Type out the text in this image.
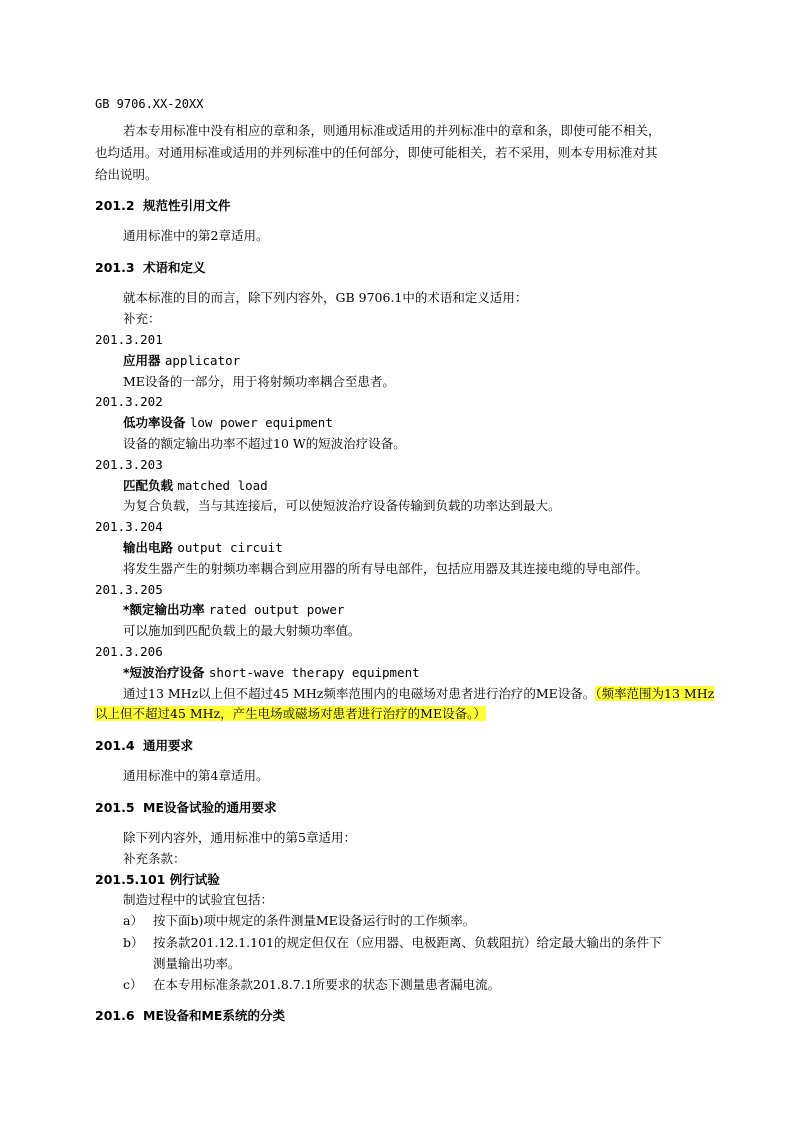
GB 9706.XX-20XX
若本专用标准中没有相应的章和条，则通用标准或适用的并列标准中的章和条，即使可能不相关，
也均适用。对通用标准或适用的并列标准中的任何部分，即使可能相关，若不采用，则本专用标准对其
给出说明。
201.2 规范性引用文件
通用标准中的第2章适用。
201.3 术语和定义
就本标准的目的而言，除下列内容外，GB 9706.1中的术语和定义适用：
补充：
201.3.201
应用器 applicator
ME设备的一部分，用于将射频功率耦合至患者。
201.3.202
低功率设备 low power equipment
设备的额定输出功率不超过10 W的短波治疗设备。
201.3.203
匹配负载 matched load
为复合负载，当与其连接后，可以使短波治疗设备传输到负载的功率达到最大。
201.3.204
输出电路 output circuit
将发生器产生的射频功率耦合到应用器的所有导电部件，包括应用器及其连接电缆的导电部件。
201.3.205
*额定输出功率 rated output power
可以施加到匹配负载上的最大射频功率值。
201.3.206
*短波治疗设备 short-wave therapy equipment
通过13 MHz以上但不超过45 MHz频率范围内的电磁场对患者进行治疗的ME设备。（频率范围为13 MHz
以上但不超过45 MHz，产生电场或磁场对患者进行治疗的ME设备。）
201.4 通用要求
通用标准中的第4章适用。
201.5 ME设备试验的通用要求
除下列内容外，通用标准中的第5章适用：
补充条款：
201.5.101 例行试验
制造过程中的试验宜包括：
a） 按下面b)项中规定的条件测量ME设备运行时的工作频率。
b） 按条款201.12.1.101的规定但仅在（应用器、电极距离、负载阻抗）给定最大输出的条件下
测量输出功率。
c） 在本专用标准条款201.8.7.1所要求的状态下测量患者漏电流。
201.6 ME设备和ME系统的分类
